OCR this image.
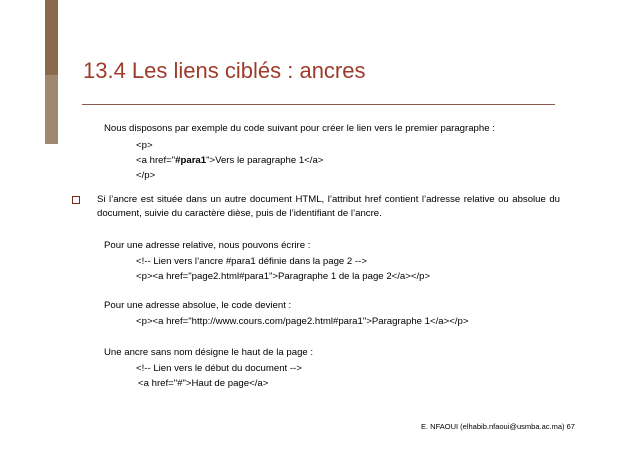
13.4 Les liens ciblés : ancres
Nous disposons par exemple du code suivant pour créer le lien vers le premier paragraphe :
<p>
<a href="#para1">Vers le paragraphe 1</a>
</p>
Si l’ancre est située dans un autre document HTML, l’attribut href contient l’adresse relative ou absolue du document, suivie du caractère dièse, puis de l’identifiant de l’ancre.
Pour une adresse relative, nous pouvons écrire :
<!-- Lien vers l’ancre #para1 définie dans la page 2 -->
<p><a href="page2.html#para1">Paragraphe 1 de la page 2</a></p>
Pour une adresse absolue, le code devient :
<p><a href="http://www.cours.com/page2.html#para1">Paragraphe 1</a></p>
Une ancre sans nom désigne le haut de la page :
<!-- Lien vers le début du document -->
<a href="#">Haut de page</a>
E. NFAOUI (elhabib.nfaoui@usmba.ac.ma) 67
